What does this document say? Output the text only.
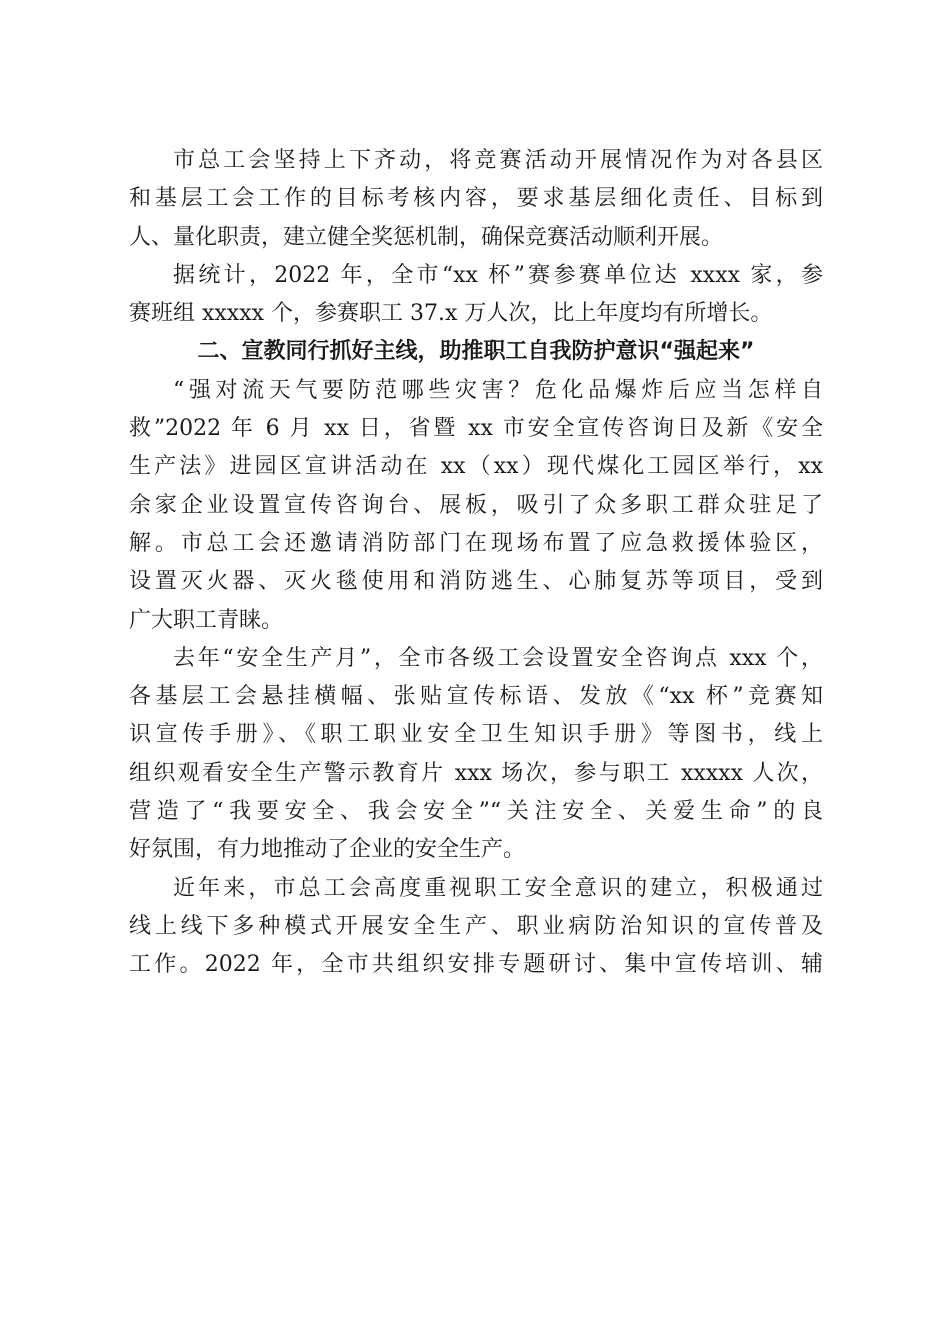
市总工会坚持上下齐动，将竞赛活动开展情况作为对各县区
和基层工会工作的目标考核内容，要求基层细化责任、目标到
人、量化职责，建立健全奖惩机制，确保竞赛活动顺利开展。
据统计，2022 年，全市“xx 杯”赛参赛单位达 xxxx 家，参
赛班组 xxxxx 个，参赛职工 37.x 万人次，比上年度均有所增长。
二、宣教同行抓好主线，助推职工自我防护意识“强起来”
“强对流天气要防范哪些灾害？危化品爆炸后应当怎样自
救”2022 年 6 月 xx 日，省暨 xx 市安全宣传咨询日及新《安全
生产法》进园区宣讲活动在 xx（xx）现代煤化工园区举行，xx
余家企业设置宣传咨询台、展板，吸引了众多职工群众驻足了
解。市总工会还邀请消防部门在现场布置了应急救援体验区，
设置灭火器、灭火毯使用和消防逃生、心肺复苏等项目，受到
广大职工青睐。
去年“安全生产月”，全市各级工会设置安全咨询点 xxx 个，
各基层工会悬挂横幅、张贴宣传标语、发放《“xx 杯”竞赛知
识宣传手册》、《职工职业安全卫生知识手册》等图书，线上
组织观看安全生产警示教育片 xxx 场次，参与职工 xxxxx 人次，
营造了“我要安全、我会安全”“关注安全、关爱生命”的良
好氛围，有力地推动了企业的安全生产。
近年来，市总工会高度重视职工安全意识的建立，积极通过
线上线下多种模式开展安全生产、职业病防治知识的宣传普及
工作。2022 年，全市共组织安排专题研讨、集中宣传培训、辅
